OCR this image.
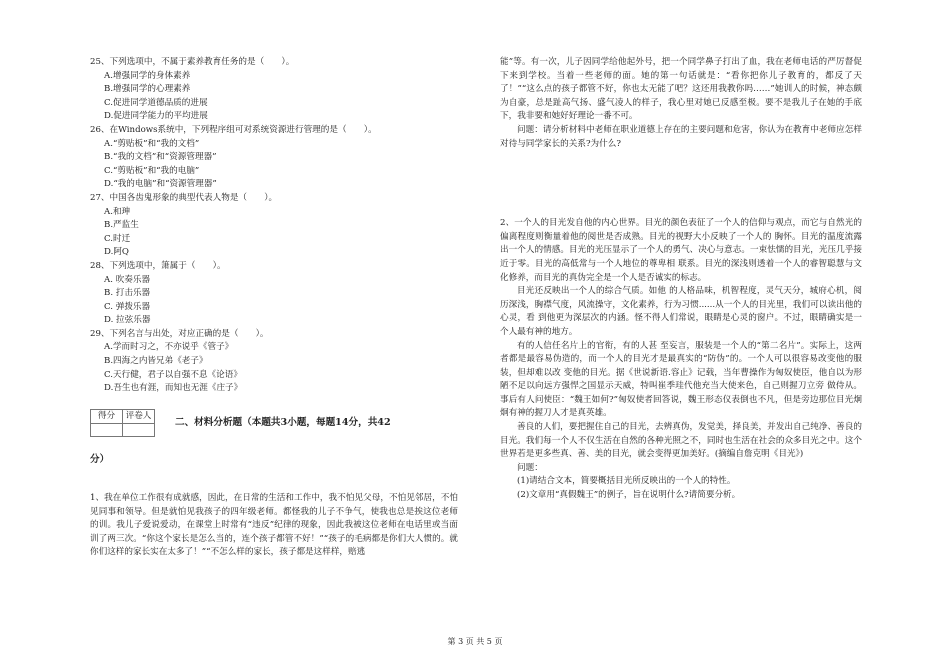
25、下列选项中，不属于素养教育任务的是（　　）。

A.增强同学的身体素养

B.增强同学的心理素养

C.促进同学道德品质的进展

D.促进同学能力的平均进展

26、在Windows系统中，下列程序组可对系统资源进行管理的是（　　）。

A.“剪贴板”和“我的文档”

B.“我的文档”和“资源管理器”

C.“剪贴板”和“我的电脑”

D.“我的电脑”和“资源管理器”

27、中国各齿鬼形象的典型代表人物是（　　）。

A.和珅

B.严监生

C.时迁

D.阿Q

28、下列选项中，箫属于（　　）。

A. 吹奏乐器

B. 打击乐器

C. 弹拨乐器

D. 拉弦乐器

29、下列名言与出处，对应正确的是（　　）。

A.学而时习之，不亦说乎《管子》

B.四海之内皆兄弟《老子》

C.天行健，君子以自强不息《论语》

D.吾生也有涯，而知也无涯《庄子》

得分	评卷人

二、材料分析题（本题共3小题，每题14分，共42

分）

1、我在单位工作很有成就感，因此，在日常的生活和工作中，我不怕见父母，不怕见邻居，不怕见同事和领导。但是就怕见我孩子的四年级老师。都怪我的儿子不争气，使我也总是挨这位老师的训。我儿子爱说爱动，在课堂上时常有“违反”纪律的现象，因此我被这位老师在电话里或当面训了两三次。“你这个家长是怎么当的，连个孩子都管不好！”“孩子的毛病都是你们大人惯的。就你们这样的家长实在太多了！”“不怎么样的家长，孩子都是这样样，赔逃

能”等。有一次，儿子因同学给他起外号，把一个同学鼻子打出了血，我在老师电话的严厉督促下来到学校。当着一些老师的面。她的第一句话就是：“看你把你儿子教育的，都反了天了！”“这么点的孩子都管不好，你也太无能了吧？这还用我教你吗……”她训人的时候，神态颇为自豪，总是趾高气扬、盛气凌人的样子，我心里对她已反感至极。要不是我儿子在她的手底下，我非要和她好好理论一番不可。

问题：请分析材料中老师在职业道德上存在的主要问题和危害，你认为在教育中老师应怎样对待与同学家长的关系?为什么?

2、一个人的目光发自他的内心世界。目光的颜色表征了一个人的信仰与观点，而它与自然光的偏离程度则衡量着他的阅世是否成熟。目光的视野大小反映了一个人的 胸怀。目光的温度流露出一个人的情感。目光的光压显示了一个人的勇气、决心与意志。一束怯懦的目光，光压几乎接近于零。目光的高低常与一个人地位的尊卑相 联系。目光的深浅则透着一个人的睿智聪慧与文化修养，而目光的真伪完全是一个人是否诚实的标志。

目光还反映出一个人的综合气质。如他 的人格品味，机智程度，灵气天分，城府心机，阅历深浅，胸襟气度，风流操守，文化素养，行为习惯......从一个人的目光里，我们可以读出他的心灵，看 到他更为深层次的内涵。怪不得人们常说，眼睛是心灵的窗户。不过，眼睛确实是一个人最有神的地方。

有的人信任名片上的官衔，有的人甚 至妄言，服装是一个人的“第二名片”。实际上，这两者都是最容易伪造的，而一个人的目光才是最真实的“防伪”的。一个人可以很容易改变他的服装，但却难以改 变他的目光。据《世说新语.容止》记载，当年曹操作为匈奴使臣，他自以为形陋不足以向远方强悍之国显示天威，特叫崔季珪代他充当大使来色，自己则握刀立旁 做侍从。事后有人问使臣：“魏王如何?”匈奴使者回答说，魏王形态仪表倒也不凡，但是旁边那位目光炯炯有神的握刀人才是真英雄。

善良的人们，要把握住自己的目光，去辨真伪，发觉美，择良美，并发出自己纯净、善良的目光。我们每一个人不仅生活在自然的各种光照之不，同时也生活在社会的众多目光之中。这个世界若是更多些真、善、美的目光，就会变得更加美好。(摘编自詹克明《目光》)

问题：

(1)请结合文本，简要概括目光所反映出的一个人的特性。

(2)文章用“真假魏王”的例子，旨在说明什么?请简要分析。

第 3 页 共 5 页
